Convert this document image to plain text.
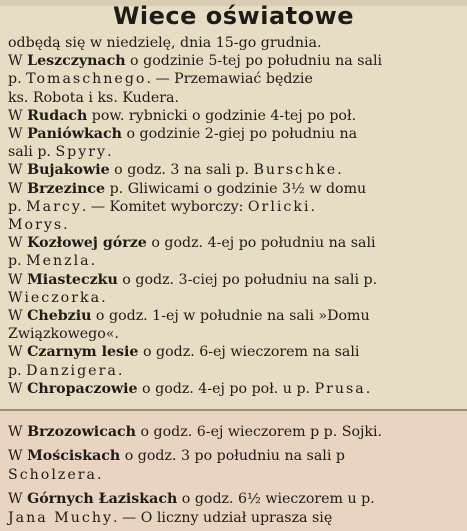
Wiece oświatowe
odbędą się w niedzielę, dnia 15-go grudnia.
W Leszczynach o godzinie 5-tej po południu na sali
p. Tomaschnego. — Przemawiać będzie
ks. Robota i ks. Kudera.
W Rudach pow. rybnicki o godzinie 4-tej po poł.
W Paniówkach o godzinie 2-giej po południu na
sali p. Spyry.
W Bujakowie o godz. 3 na sali p. Burschke.
W Brzezince p. Gliwicami o godzinie 3½ w domu
p. Marcy. — Komitet wyborczy: Orlicki.
Morys.
W Kozłowej górze o godz. 4-ej po południu na sali
p. Menzla.
W Miasteczku o godz. 3-ciej po południu na sali p.
Wieczorka.
W Chebziu o godz. 1-ej w południe na sali »Domu
Związkowego«.
W Czarnym lesie o godz. 6-ej wieczorem na sali
p. Danzigera.
W Chropaczowie o godz. 4-ej po poł. u p. Prusa.
W Brzozowicach o godz. 6-ej wieczorem p p. Sojki.
W Mościskach o godz. 3 po południu na sali p
Scholzera.
W Górnych Łaziskach o godz. 6½ wieczorem u p.
Jana Muchy. — O liczny udział uprasza się
